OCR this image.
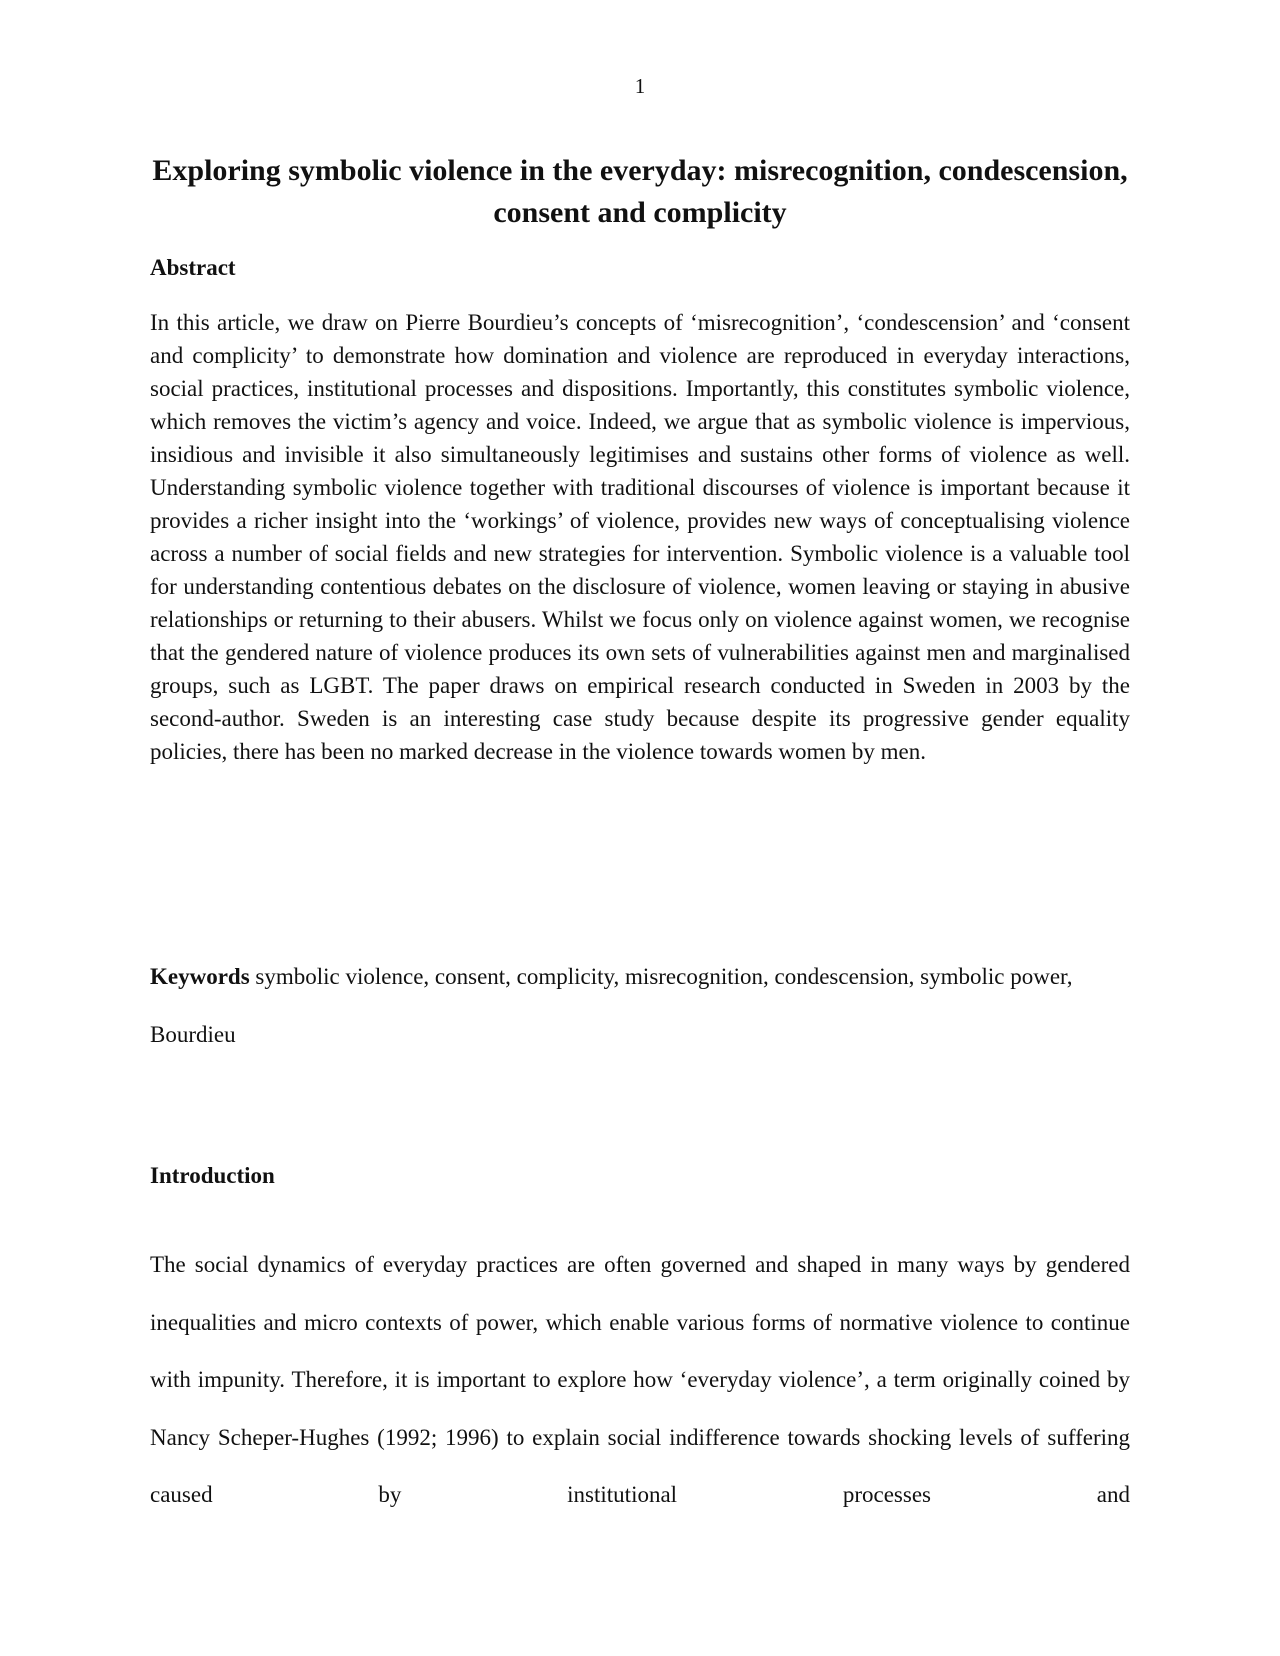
1
Exploring symbolic violence in the everyday: misrecognition, condescension, consent and complicity
Abstract

In this article, we draw on Pierre Bourdieu’s concepts of ‘misrecognition’, ‘condescension’ and ‘consent and complicity’ to demonstrate how domination and violence are reproduced in everyday interactions, social practices, institutional processes and dispositions. Importantly, this constitutes symbolic violence, which removes the victim’s agency and voice. Indeed, we argue that as symbolic violence is impervious, insidious and invisible it also simultaneously legitimises and sustains other forms of violence as well. Understanding symbolic violence together with traditional discourses of violence is important because it provides a richer insight into the ‘workings’ of violence, provides new ways of conceptualising violence across a number of social fields and new strategies for intervention. Symbolic violence is a valuable tool for understanding contentious debates on the disclosure of violence, women leaving or staying in abusive relationships or returning to their abusers. Whilst we focus only on violence against women, we recognise that the gendered nature of violence produces its own sets of vulnerabilities against men and marginalised groups, such as LGBT. The paper draws on empirical research conducted in Sweden in 2003 by the second-author. Sweden is an interesting case study because despite its progressive gender equality policies, there has been no marked decrease in the violence towards women by men.

Keywords symbolic violence, consent, complicity, misrecognition, condescension, symbolic power, Bourdieu

Introduction

The social dynamics of everyday practices are often governed and shaped in many ways by gendered inequalities and micro contexts of power, which enable various forms of normative violence to continue with impunity. Therefore, it is important to explore how ‘everyday violence’, a term originally coined by Nancy Scheper-Hughes (1992; 1996) to explain social indifference towards shocking levels of suffering caused by institutional processes and
